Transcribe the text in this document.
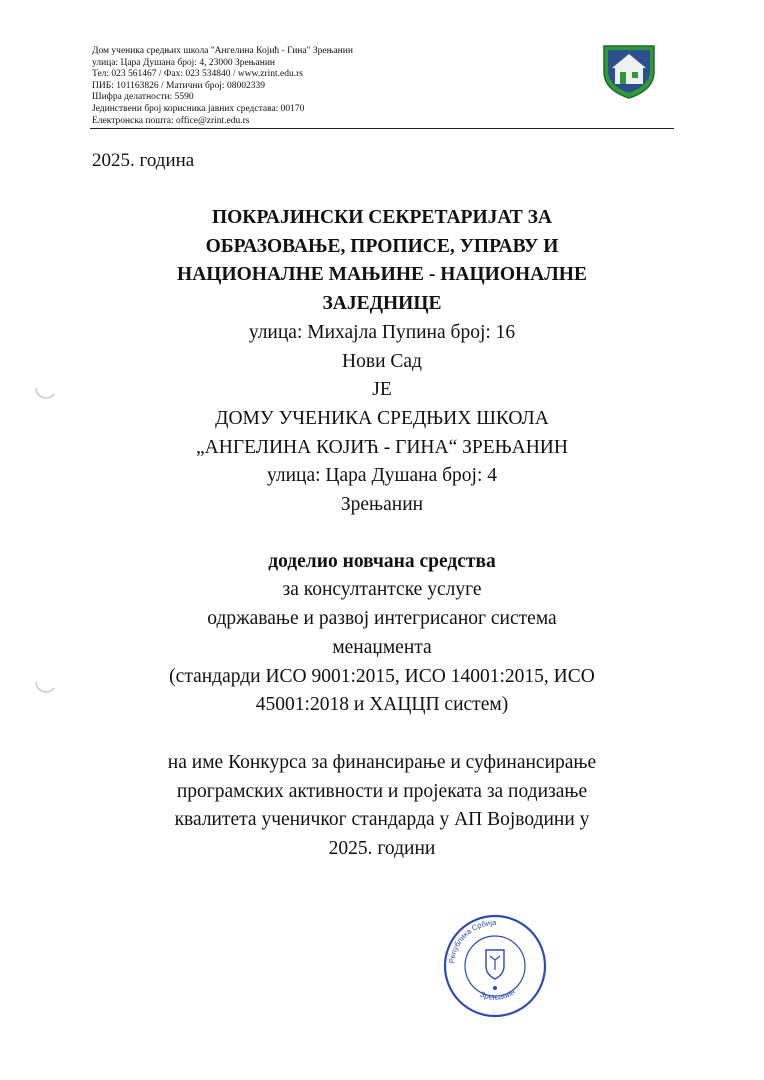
Дом ученика средњих школа "Ангелина Којић - Гина" Зрењанин
улица: Цара Душана број: 4, 23000 Зрењанин
Тел: 023 561467 / Фах: 023 534840 / www.zrint.edu.rs
ПИБ: 101163826 / Матични број: 08002339
Шифра делатности: 5590
Јединствени број корисника јавних средстава: 00170
Електронска пошта: office@zrint.edu.rs
2025. година
ПОКРАЈИНСКИ СЕКРЕТАРИЈАТ ЗА
ОБРАЗОВАЊЕ, ПРОПИСЕ, УПРАВУ И
НАЦИОНАЛНЕ МАЊИНЕ - НАЦИОНАЛНЕ
ЗАЈЕДНИЦЕ
улица: Михајла Пупина број: 16
Нови Сад
ЈЕ
ДОМУ УЧЕНИКА СРЕДЊИХ ШКОЛА
„АНГЕЛИНА КОЈИЋ - ГИНА“ ЗРЕЊАНИН
улица: Цара Душана број: 4
Зрењанин
доделио новчана средства
за консултантске услуге
одржавање и развој интегрисаног система
менаџмента
(стандарди ИСО 9001:2015, ИСО 14001:2015, ИСО
45001:2018 и ХАЦЦП систем)
на име Конкурса за финансирање и суфинансирање
програмских активности и пројеката за подизање
квалитета ученичког стандарда у АП Војводини у
2025. години
Република Србија
Зрењанин
